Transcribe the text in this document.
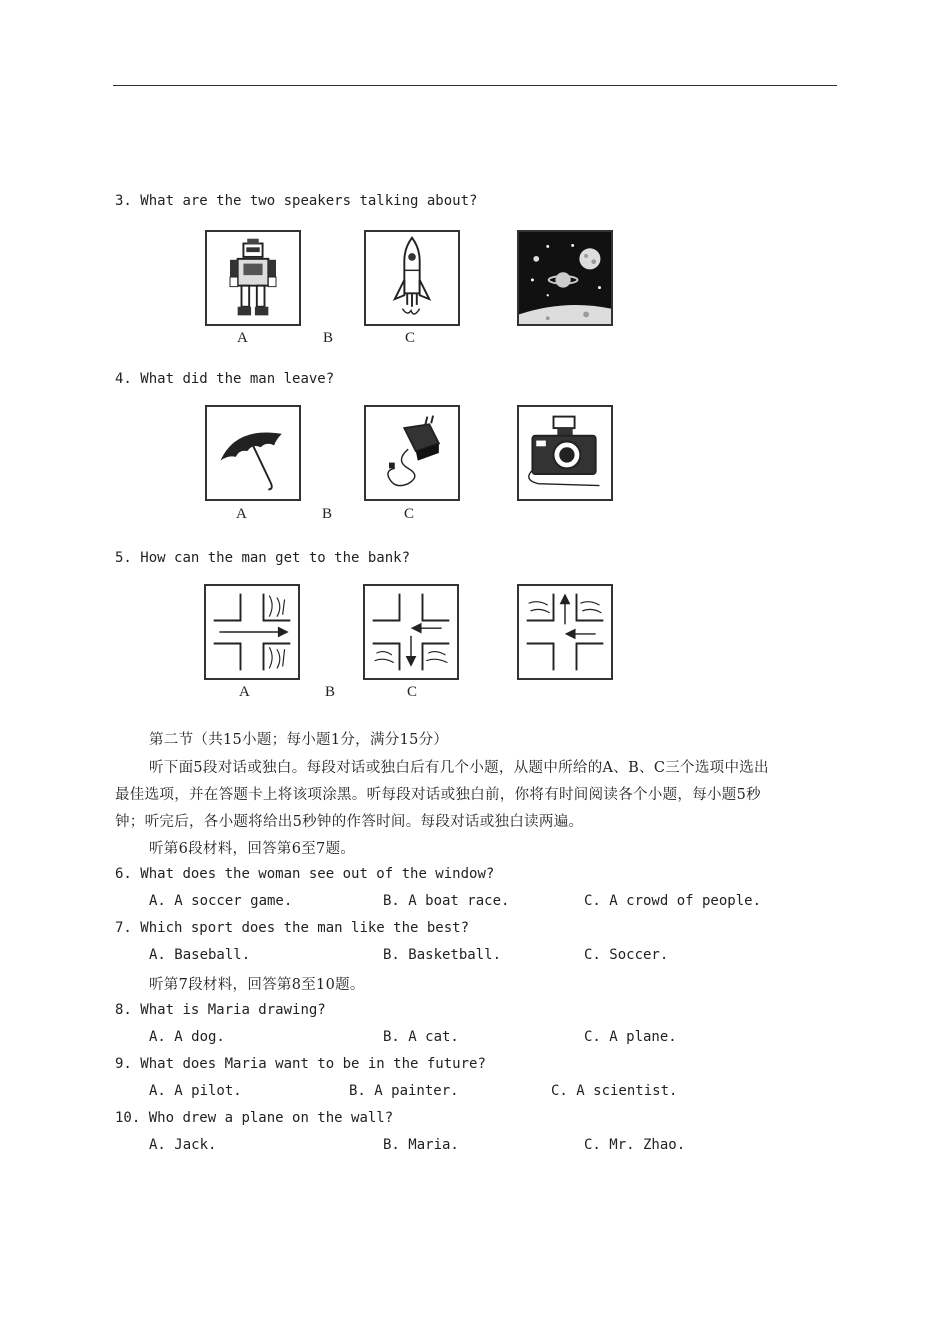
3. What are the two speakers talking about?
A	B	C
4. What did the man leave?
A	B	C
5. How can the man get to the bank?
A	B	C
第二节（共15小题；每小题1分，满分15分）
听下面5段对话或独白。每段对话或独白后有几个小题，从题中所给的A、B、C三个选项中选出
最佳选项，并在答题卡上将该项涂黑。听每段对话或独白前，你将有时间阅读各个小题，每小题5秒
钟；听完后，各小题将给出5秒钟的作答时间。每段对话或独白读两遍。
听第6段材料，回答第6至7题。
6. What does the woman see out of the window?
A. A soccer game.	B. A boat race.	C. A crowd of people.
7. Which sport does the man like the best?
A. Baseball.	B. Basketball.	C. Soccer.
听第7段材料，回答第8至10题。
8. What is Maria drawing?
A. A dog.	B. A cat.	C. A plane.
9. What does Maria want to be in the future?
A. A pilot.	B. A painter.	C. A scientist.
10. Who drew a plane on the wall?
A. Jack.	B. Maria.	C. Mr. Zhao.
